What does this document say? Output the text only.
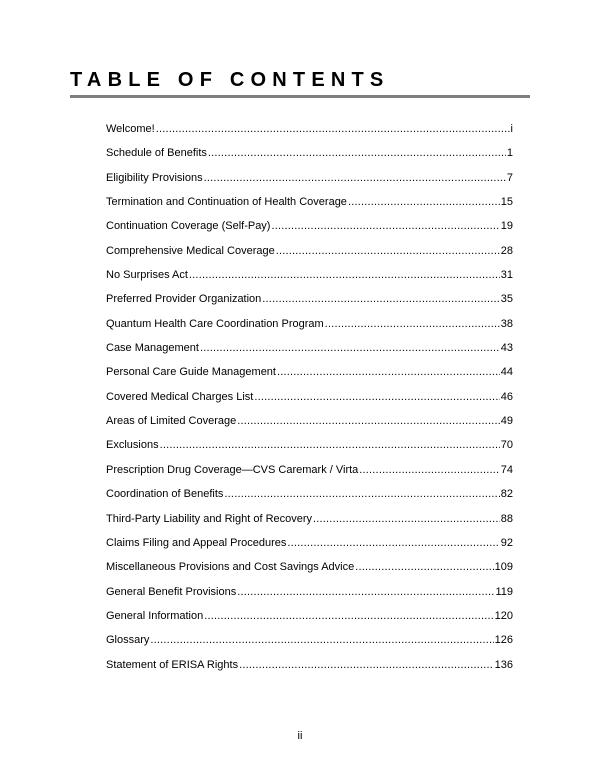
TABLE OF CONTENTS
Welcome! .....	i
Schedule of Benefits .....	1
Eligibility Provisions .....	7
Termination and Continuation of Health Coverage .....	15
Continuation Coverage (Self-Pay) .....	19
Comprehensive Medical Coverage .....	28
No Surprises Act .....	31
Preferred Provider Organization .....	35
Quantum Health Care Coordination Program .....	38
Case Management .....	43
Personal Care Guide Management .....	44
Covered Medical Charges List .....	46
Areas of Limited Coverage .....	49
Exclusions .....	70
Prescription Drug Coverage—CVS Caremark / Virta .....	74
Coordination of Benefits .....	82
Third-Party Liability and Right of Recovery .....	88
Claims Filing and Appeal Procedures .....	92
Miscellaneous Provisions and Cost Savings Advice .....	109
General Benefit Provisions .....	119
General Information .....	120
Glossary .....	126
Statement of ERISA Rights .....	136
ii
